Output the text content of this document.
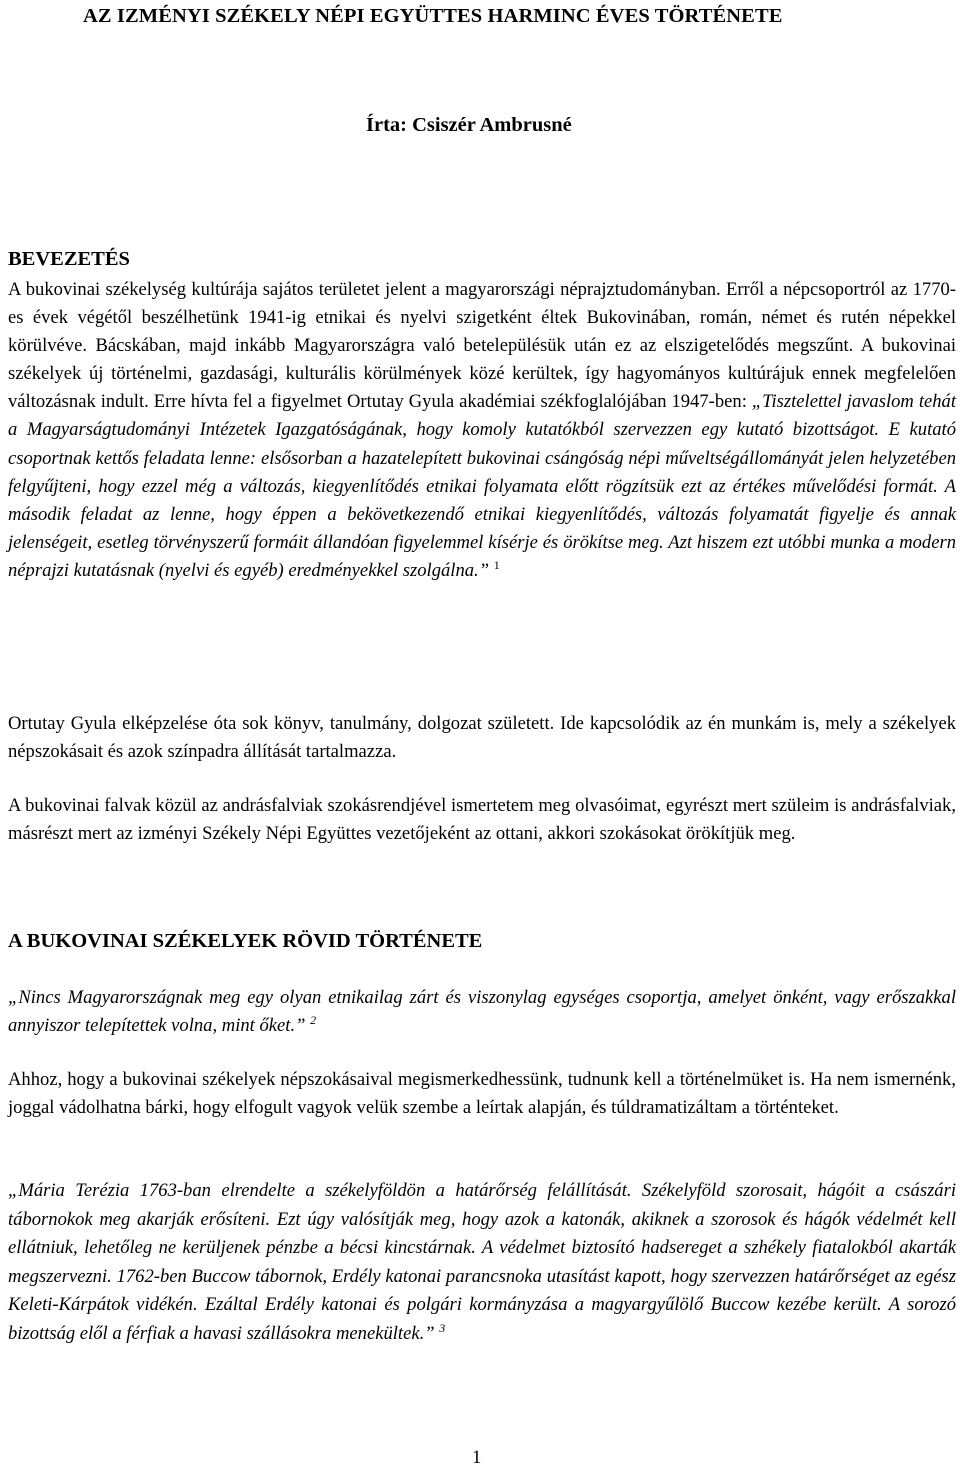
AZ IZMÉNYI SZÉKELY NÉPI EGYÜTTES HARMINC ÉVES TÖRTÉNETE
Írta: Csiszér Ambrusné
BEVEZETÉS

A bukovinai székelység kultúrája sajátos területet jelent a magyarországi néprajztudományban. Erről a népcsoportról az 1770-es évek végétől beszélhetünk 1941-ig etnikai és nyelvi szigetként éltek Bukovinában, román, német és rutén népekkel körülvéve. Bácskában, majd inkább Magyarországra való betelepülésük után ez az elszigetelődés megszűnt. A bukovinai székelyek új történelmi, gazdasági, kulturális körülmények közé kerültek, így hagyományos kultúrájuk ennek megfelelően változásnak indult. Erre hívta fel a figyelmet Ortutay Gyula akadémiai székfoglalójában 1947-ben: „Tisztelettel javaslom tehát a Magyarságtudományi Intézetek Igazgatóságának, hogy komoly kutatókból szervezzen egy kutató bizottságot. E kutató csoportnak kettős feladata lenne: elsősorban a hazatelepített bukovinai csángóság népi műveltségállományát jelen helyzetében felgyűjteni, hogy ezzel még a változás, kiegyenlítődés etnikai folyamata előtt rögzítsük ezt az értékes művelődési formát. A második feladat az lenne, hogy éppen a bekövetkezendő etnikai kiegyenlítődés, változás folyamatát figyelje és annak jelenségeit, esetleg törvényszerű formáit állandóan figyelemmel kísérje és örökítse meg. Azt hiszem ezt utóbbi munka a modern néprajzi kutatásnak (nyelvi és egyéb) eredményekkel szolgálna.” $^1$

Ortutay Gyula elképzelése óta sok könyv, tanulmány, dolgozat született. Ide kapcsolódik az én munkám is, mely a székelyek népszokásait és azok színpadra állítását tartalmazza.

A bukovinai falvak közül az andrásfalviak szokásrendjével ismertetem meg olvasóimat, egyrészt mert szüleim is andrásfalviak, másrészt mert az izményi Székely Népi Együttes vezetőjeként az ottani, akkori szokásokat örökítjük meg.

A BUKOVINAI SZÉKELYEK RÖVID TÖRTÉNETE

„Nincs Magyarországnak meg egy olyan etnikailag zárt és viszonylag egységes csoportja, amelyet önként, vagy erőszakkal annyiszor telepítettek volna, mint őket.” $^2$

Ahhoz, hogy a bukovinai székelyek népszokásaival megismerkedhessünk, tudnunk kell a történelmüket is. Ha nem ismernénk, joggal vádolhatna bárki, hogy elfogult vagyok velük szembe a leírtak alapján, és túldramatizáltam a történteket.

„Mária Terézia 1763-ban elrendelte a székelyföldön a határőrség felállítását. Székelyföld szorosait, hágóit a császári tábornokok meg akarják erősíteni. Ezt úgy valósítják meg, hogy azok a katonák, akiknek a szorosok és hágók védelmét kell ellátniuk, lehetőleg ne kerüljenek pénzbe a bécsi kincstárnak. A védelmet biztosító hadsereget a szhékely fiatalokból akarták megszervezni. 1762-ben Buccow tábornok, Erdély katonai parancsnoka utasítást kapott, hogy szervezzen határőrséget az egész Keleti-Kárpátok vidékén. Ezáltal Erdély katonai és polgári kormányzása a magyargyűlölő Buccow kezébe került. A sorozó bizottság elől a férfiak a havasi szállásokra menekültek.” $^3$

1
